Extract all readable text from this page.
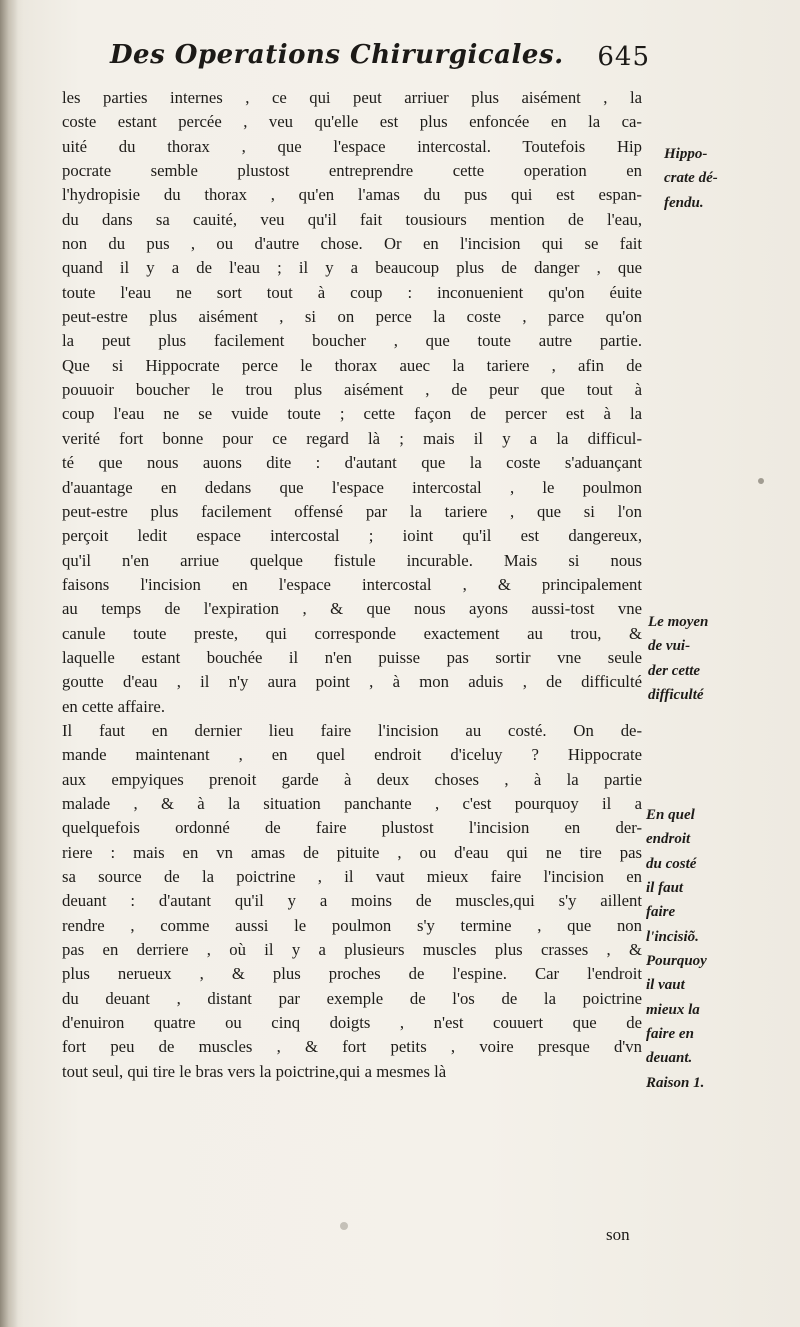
Des Operations Chirurgicales. 645
les parties internes , ce qui peut arriuer plus aisément , la
coste estant percée , veu qu'elle est plus enfoncée en la ca-
uité du thorax , que l'espace intercostal. Toutefois Hip
pocrate semble plustost entreprendre cette operation en
l'hydropisie du thorax , qu'en l'amas du pus qui est espan-
du dans sa cauité, veu qu'il fait tousiours mention de l'eau,
non du pus , ou d'autre chose. Or en l'incision qui se fait
quand il y a de l'eau ; il y a beaucoup plus de danger , que
toute l'eau ne sort tout à coup : inconuenient qu'on éuite
peut-estre plus aisément , si on perce la coste , parce qu'on
la peut plus facilement boucher , que toute autre partie.
Que si Hippocrate perce le thorax auec la tariere , afin de
pouuoir boucher le trou plus aisément , de peur que tout à
coup l'eau ne se vuide toute ; cette façon de percer est à la
verité fort bonne pour ce regard là ; mais il y a la difficul-
té que nous auons dite : d'autant que la coste s'aduançant
d'auantage en dedans que l'espace intercostal , le poulmon
peut-estre plus facilement offensé par la tariere , que si l'on
perçoit ledit espace intercostal ; ioint qu'il est dangereux,
qu'il n'en arriue quelque fistule incurable. Mais si nous
faisons l'incision en l'espace intercostal , & principalement
au temps de l'expiration , & que nous ayons aussi-tost vne
canule toute preste, qui corresponde exactement au trou, &
laquelle estant bouchée il n'en puisse pas sortir vne seule
goutte d'eau , il n'y aura point , à mon aduis , de difficulté
en cette affaire.
Il faut en dernier lieu faire l'incision au costé. On de-
mande maintenant , en quel endroit d'iceluy ? Hippocrate
aux empyiques prenoit garde à deux choses , à la partie
malade , & à la situation panchante , c'est pourquoy il a
quelquefois ordonné de faire plustost l'incision en der-
riere : mais en vn amas de pituite , ou d'eau qui ne tire pas
sa source de la poictrine , il vaut mieux faire l'incision en
deuant : d'autant qu'il y a moins de muscles,qui s'y aillent
rendre , comme aussi le poulmon s'y termine , que non
pas en derriere , où il y a plusieurs muscles plus crasses , &
plus nerueux , & plus proches de l'espine. Car l'endroit
du deuant , distant par exemple de l'os de la poictrine
d'enuiron quatre ou cinq doigts , n'est couuert que de
fort peu de muscles , & fort petits , voire presque d'vn
tout seul, qui tire le bras vers la poictrine,qui a mesmes là
Hippo-
crate dé-
fendu.
Le moyen
de vui-
der cette
difficulté
En quel
endroit
du costé
il faut
faire
l'incisiõ.
Pourquoy
il vaut
mieux la
faire en
deuant.
Raison 1.
son
